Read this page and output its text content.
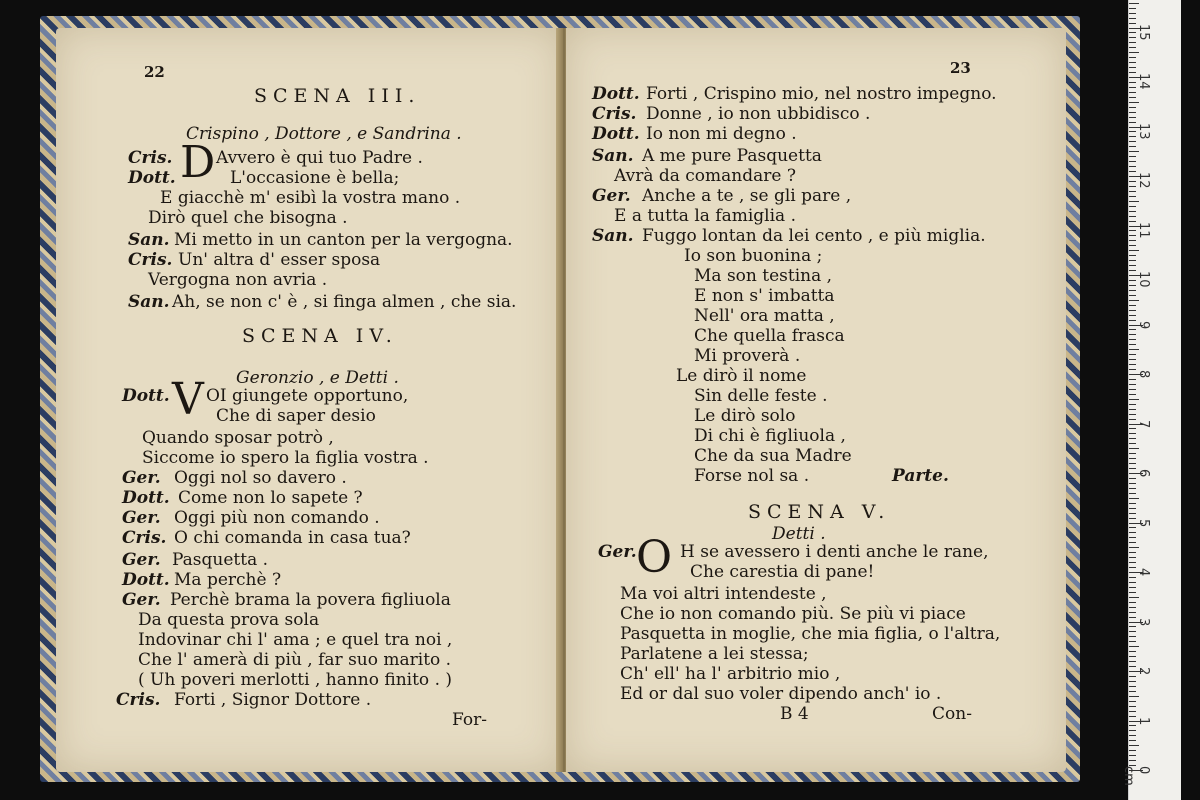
22
SCENA III.
Crispino , Dottore , e Sandrina .
D
Cris.	Avvero è qui tuo Padre .
Dott.	L'occasione è bella;
E giacchè m' esibì la vostra mano .
Dirò quel che bisogna .
San. Mi metto in un canton per la vergogna.
Cris. Un' altra d' esser sposa
Vergogna non avria .
San. Ah, se non c' è , si finga almen , che sia.
SCENA IV.
Geronzio , e Detti .
V
Dott. OI giungete opportuno,
Che di saper desio
Quando sposar potrò ,
Siccome io spero la figlia vostra .
Ger. Oggi nol so davero .
Dott. Come non lo sapete ?
Ger. Oggi più non comando .
Cris. O chi comanda in casa tua?
Ger. Pasquetta .
Dott. Ma perchè ?
Ger. Perchè brama la povera figliuola
Da questa prova sola
Indovinar chi l' ama ; e quel tra noi ,
Che l' amerà di più , far suo marito .
( Uh poveri merlotti , hanno finito . )
Cris. Forti , Signor Dottore .
For-
23
Dott. Forti , Crispino mio, nel nostro impegno.
Cris. Donne , io non ubbidisco .
Dott. Io non mi degno .
San. A me pure Pasquetta
Avrà da comandare ?
Ger. Anche a te , se gli pare ,
E a tutta la famiglia .
San. Fuggo lontan da lei cento , e più miglia.
Io son buonina ;
Ma son testina ,
E non s' imbatta
Nell' ora matta ,
Che quella frasca
Mi proverà .
Le dirò il nome
Sin delle feste .
Le dirò solo
Di chi è figliuola ,
Che da sua Madre
Forse nol sa .	Parte.
SCENA V.
Detti .
O
Ger.	H se avessero i denti anche le rane,
Che carestia di pane!
Ma voi altri intendeste ,
Che io non comando più. Se più vi piace
Pasquetta in moglie, che mia figlia, o l'altra,
Parlatene a lei stessa;
Ch' ell' ha l' arbitrio mio ,
Ed or dal suo voler dipendo anch' io .
B 4	Con-
0 cm
1
2
3
4
5
6
7
8
9
10
11
12
13
14
15
